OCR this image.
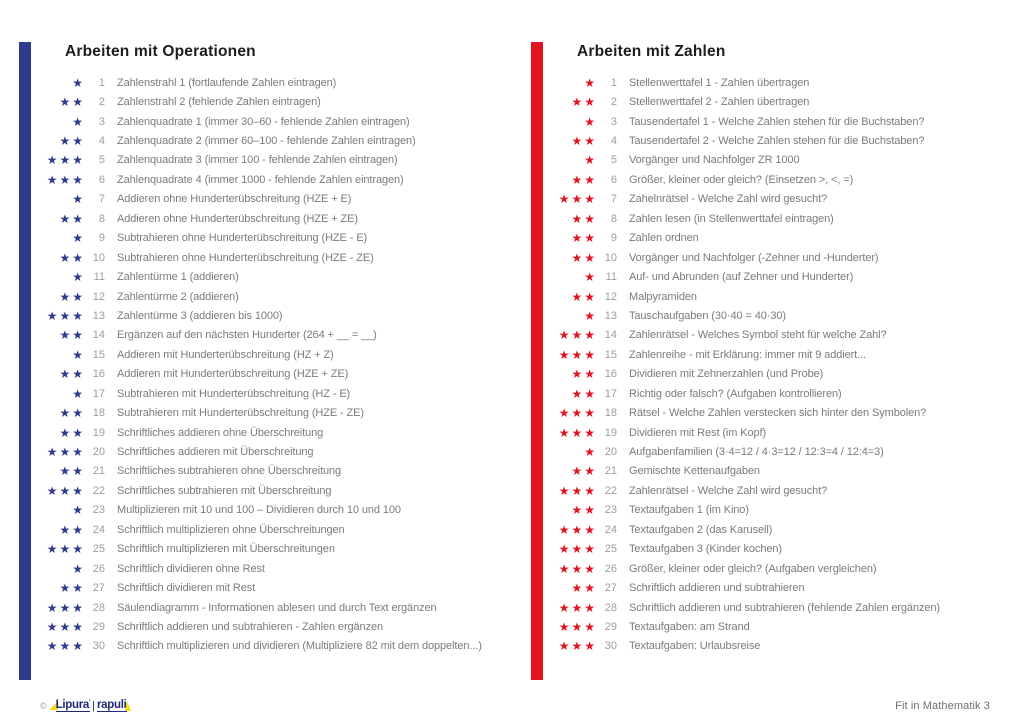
Arbeiten mit Operationen
★	1 Zahlenstrahl 1 (fortlaufende Zahlen eintragen)
★★	2 Zahlenstrahl 2 (fehlende Zahlen eintragen)
★	3 Zahlenquadrate 1 (immer 30–60 - fehlende Zahlen eintragen)
★★	4 Zahlenquadrate 2 (immer 60–100 - fehlende Zahlen eintragen)
★★★	5 Zahlenquadrate 3 (immer 100 - fehlende Zahlen eintragen)
★★★	6 Zahlenquadrate 4 (immer 1000 - fehlende Zahlen eintragen)
★	7 Addieren ohne Hunderterübschreitung (HZE + E)
★★	8 Addieren ohne Hunderterübschreitung (HZE + ZE)
★	9 Subtrahieren ohne Hunderterübschreitung (HZE - E)
★★ 10 Subtrahieren ohne Hunderterübschreitung (HZE - ZE)
★ 11 Zahlentürme 1 (addieren)
★★ 12 Zahlentürme 2 (addieren)
★★★ 13 Zahlentürme 3 (addieren bis 1000)
★★ 14 Ergänzen auf den nächsten Hunderter (264 + __ = __)
★ 15 Addieren mit Hunderterübschreitung (HZ + Z)
★★ 16 Addieren mit Hunderterübschreitung (HZE + ZE)
★ 17 Subtrahieren mit Hunderterübschreitung (HZ - E)
★★ 18 Subtrahieren mit Hunderterübschreitung (HZE - ZE)
★★ 19 Schriftliches addieren ohne Überschreitung
★★★ 20 Schriftliches addieren mit Überschreitung
★★ 21 Schriftliches subtrahieren ohne Überschreitung
★★★ 22 Schriftliches subtrahieren mit Überschreitung
★ 23 Multiplizieren mit 10 und 100 – Dividieren durch 10 und 100
★★ 24 Schriftlich multiplizieren ohne Überschreitungen
★★★ 25 Schriftlich multiplizieren mit Überschreitungen
★ 26 Schriftlich dividieren ohne Rest
★★ 27 Schriftlich dividieren mit Rest
★★★ 28 Säulendiagramm - Informationen ablesen und durch Text ergänzen
★★★ 29 Schriftlich addieren und subtrahieren - Zahlen ergänzen
★★★ 30 Schriftlich multiplizieren und dividieren (Multipliziere 82 mit dem doppelten...)
Arbeiten mit Zahlen
★	1 Stellenwerttafel 1 - Zahlen übertragen
★★	2 Stellenwerttafel 2 - Zahlen übertragen
★	3 Tausendertafel 1 - Welche Zahlen stehen für die Buchstaben?
★★	4 Tausendertafel 2 - Welche Zahlen stehen für die Buchstaben?
★	5 Vorgänger und Nachfolger ZR 1000
★★	6 Größer, kleiner oder gleich? (Einsetzen >, <, =)
★★★	7 Zahelnrätsel - Welche Zahl wird gesucht?
★★	8 Zahlen lesen (in Stellenwerttafel eintragen)
★★	9 Zahlen ordnen
★★ 10 Vorgänger und Nachfolger (-Zehner und -Hunderter)
★ 11 Auf- und Abrunden (auf Zehner und Hunderter)
★★ 12 Malpyramiden
★ 13 Tauschaufgaben (30·40 = 40·30)
★★★ 14 Zahlenrätsel - Welches Symbol steht für welche Zahl?
★★★ 15 Zahlenreihe - mit Erklärung: immer mit 9 addiert...
★★ 16 Dividieren mit Zehnerzahlen (und Probe)
★★ 17 Richtig oder falsch? (Aufgaben kontrollieren)
★★★ 18 Rätsel - Welche Zahlen verstecken sich hinter den Symbolen?
★★★ 19 Dividieren mit Rest (im Kopf)
★ 20 Aufgabenfamilien (3·4=12 / 4·3=12 / 12:3=4 / 12:4=3)
★★ 21 Gemischte Kettenaufgaben
★★★ 22 Zahlenrätsel - Welche Zahl wird gesucht?
★★ 23 Textaufgaben 1 (im Kino)
★★★ 24 Textaufgaben 2 (das Karusell)
★★★ 25 Textaufgaben 3 (Kinder kochen)
★★★ 26 Größer, kleiner oder gleich? (Aufgaben vergleichen)
★★ 27 Schriftlich addieren und subtrahieren
★★★ 28 Schriftlich addieren und subtrahieren (fehlende Zahlen ergänzen)
★★★ 29 Textaufgaben: am Strand
★★★ 30 Textaufgaben: Urlaubsreise
© Lipura' | rapuli	Fit in Mathematik 3
